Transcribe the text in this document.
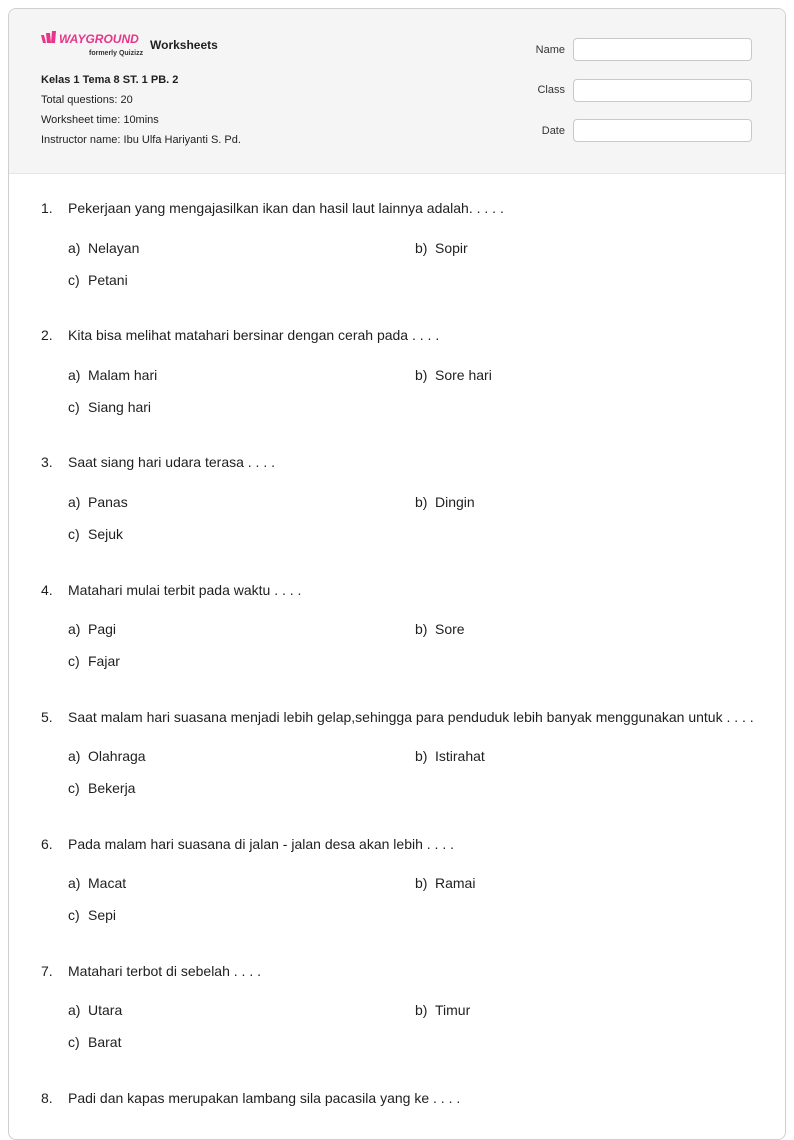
WAYGROUND
formerly Quizizz
Worksheets
Kelas 1 Tema 8 ST. 1 PB. 2
Total questions: 20
Worksheet time: 10mins
Instructor name: Ibu Ulfa Hariyanti S. Pd.
Name
Class
Date
1. Pekerjaan yang mengajasilkan ikan dan hasil laut lainnya adalah. . . . .
a) Nelayan	b) Sopir
c) Petani
2. Kita bisa melihat matahari bersinar dengan cerah pada . . . .
a) Malam hari	b) Sore hari
c) Siang hari
3. Saat siang hari udara terasa . . . .
a) Panas	b) Dingin
c) Sejuk
4. Matahari mulai terbit pada waktu . . . .
a) Pagi	b) Sore
c) Fajar
5. Saat malam hari suasana menjadi lebih gelap,sehingga para penduduk lebih banyak menggunakan untuk . . . .
a) Olahraga	b) Istirahat
c) Bekerja
6. Pada malam hari suasana di jalan - jalan desa akan lebih . . . .
a) Macat	b) Ramai
c) Sepi
7. Matahari terbot di sebelah . . . .
a) Utara	b) Timur
c) Barat
8. Padi dan kapas merupakan lambang sila pacasila yang ke . . . .
